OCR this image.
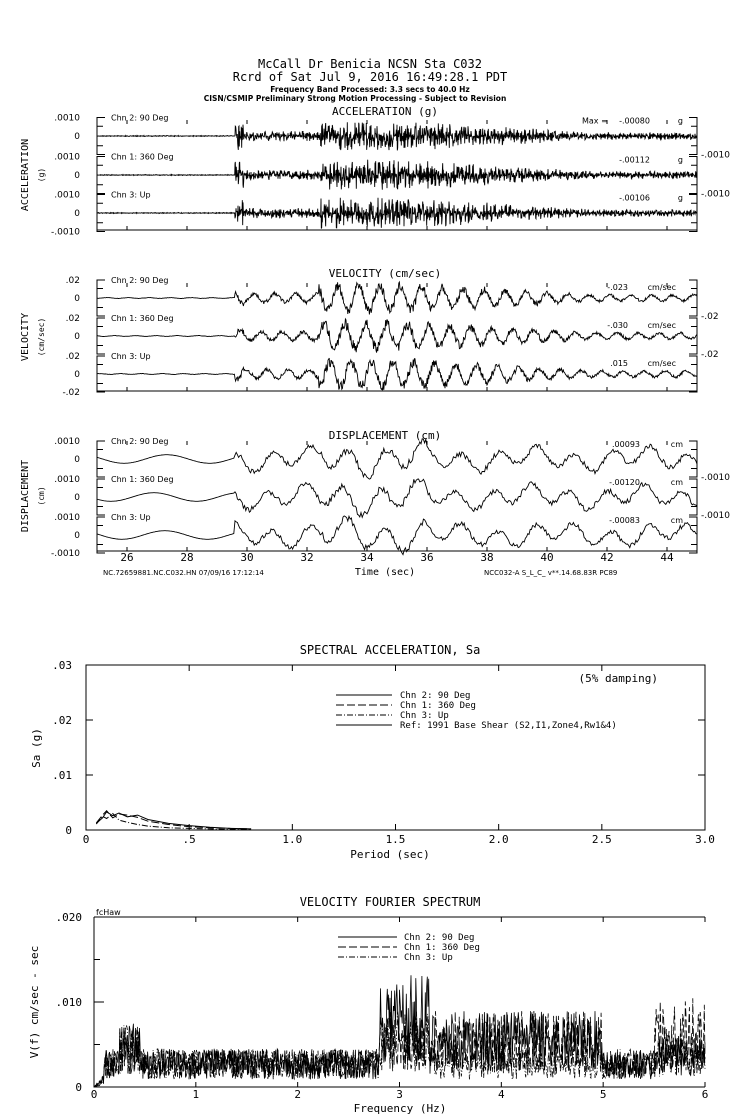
McCall Dr Benicia NCSN Sta C032
Rcrd of Sat Jul 9, 2016 16:49:28.1 PDT
Frequency Band Processed: 3.3 secs to 40.0 Hz
CISN/CSMIP Preliminary Strong Motion Processing - Subject to Revision
ACCELERATION (g)
ACCELERATION (g)
.0010
0
-.0010
Chn 2: 90 Deg	Max = -.00080	g
.0010
0
-.0010
Chn 1: 360 Deg	-.00112	g
.0010
0
-.0010
Chn 3: Up	-.00106	g
VELOCITY (cm/sec)
VELOCITY (cm/sec)
.02
0
-.02
Chn 2: 90 Deg
-.023 cm/sec
.02
0
-.02
Chn 1: 360 Deg
-.030 cm/sec
.02
0
-.02
Chn 3: Up
.015 cm/sec
DISPLACEMENT (cm)
DISPLACEMENT (cm)
.0010
0
-.0010
Chn 2: 90 Deg	.00093	cm
.0010
0
-.0010
Chn 1: 360 Deg	-.00120	cm
.0010
0
-.0010
Chn 3: Up	-.00083	cm
26	28	30	32	34	36	38	40	42	44
Time (sec)
NC.72659881.NC.C032.HN 07/09/16 17:12:14	NCC032-A S_L_C_ v**.14.68.83R PC89
SPECTRAL ACCELERATION, Sa
0
.01
.02
.03
0	.5	1.0	1.5	2.0	2.5	3.0
Period (sec)
Sa (g)
(5% damping)
Chn 2: 90 Deg
Chn 1: 360 Deg
Chn 3: Up
Ref: 1991 Base Shear (S2,I1,Zone4,Rw1&4)
VELOCITY FOURIER SPECTRUM
fcHaw
0
.010
.020
0	1	2	3	4	5	6
Frequency (Hz)
V(f) cm/sec - sec
Chn 2: 90 Deg
Chn 1: 360 Deg
Chn 3: Up
